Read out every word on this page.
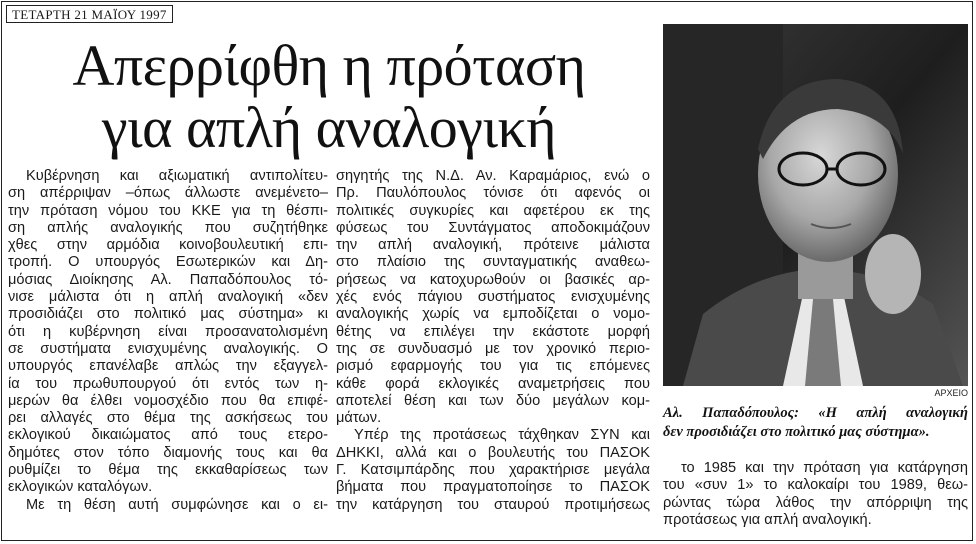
ΤΕΤΑΡΤΗ 21 ΜΑΪΟΥ 1997
Απερρίφθη η πρόταση
για απλή αναλογική
Κυβέρνηση και αξιωματική αντιπολίτευ-
ση απέρριψαν –όπως άλλωστε ανεμένετο–
την πρόταση νόμου του ΚΚΕ για τη θέσπι-
ση απλής αναλογικής που συζητήθηκε
χθες στην αρμόδια κοινοβουλευτική επι-
τροπή. Ο υπουργός Εσωτερικών και Δη-
μόσιας Διοίκησης Αλ. Παπαδόπουλος τό-
νισε μάλιστα ότι η απλή αναλογική «δεν
προσιδιάζει στο πολιτικό μας σύστημα» κι
ότι η κυβέρνηση είναι προσανατολισμένη
σε συστήματα ενισχυμένης αναλογικής. Ο
υπουργός επανέλαβε απλώς την εξαγγελ-
ία του πρωθυπουργού ότι εντός των η-
μερών θα έλθει νομοσχέδιο που θα επιφέ-
ρει αλλαγές στο θέμα της ασκήσεως του
εκλογικού δικαιώματος από τους ετερο-
δημότες στον τόπο διαμονής τους και θα
ρυθμίζει το θέμα της εκκαθαρίσεως των
εκλογικών καταλόγων.
Με τη θέση αυτή συμφώνησε και ο ει-
σηγητής της Ν.Δ. Αν. Καραμάριος, ενώ ο
Πρ. Παυλόπουλος τόνισε ότι αφενός οι
πολιτικές συγκυρίες και αφετέρου εκ της
φύσεως του Συντάγματος αποδοκιμάζουν
την απλή αναλογική, πρότεινε μάλιστα
στο πλαίσιο της συνταγματικής αναθεω-
ρήσεως να κατοχυρωθούν οι βασικές αρ-
χές ενός πάγιου συστήματος ενισχυμένης
αναλογικής χωρίς να εμποδίζεται ο νομο-
θέτης να επιλέγει την εκάστοτε μορφή
της σε συνδυασμό με τον χρονικό περιο-
ρισμό εφαρμογής του για τις επόμενες
κάθε φορά εκλογικές αναμετρήσεις που
αποτελεί θέση και των δύο μεγάλων κομ-
μάτων.
Υπέρ της προτάσεως τάχθηκαν ΣΥΝ και
ΔΗΚΚΙ, αλλά και ο βουλευτής του ΠΑΣΟΚ
Γ. Κατσιμπάρδης που χαρακτήρισε μεγάλα
βήματα που πραγματοποίησε το ΠΑΣΟΚ
την κατάργηση του σταυρού προτιμήσεως
ΑΡΧΕΙΟ
Αλ. Παπαδόπουλος: «Η απλή αναλογική
δεν προσιδιάζει στο πολιτικό μας σύστημα».
το 1985 και την πρόταση για κατάργηση
του «συν 1» το καλοκαίρι του 1989, θεω-
ρώντας τώρα λάθος την απόρριψη της
προτάσεως για απλή αναλογική.
